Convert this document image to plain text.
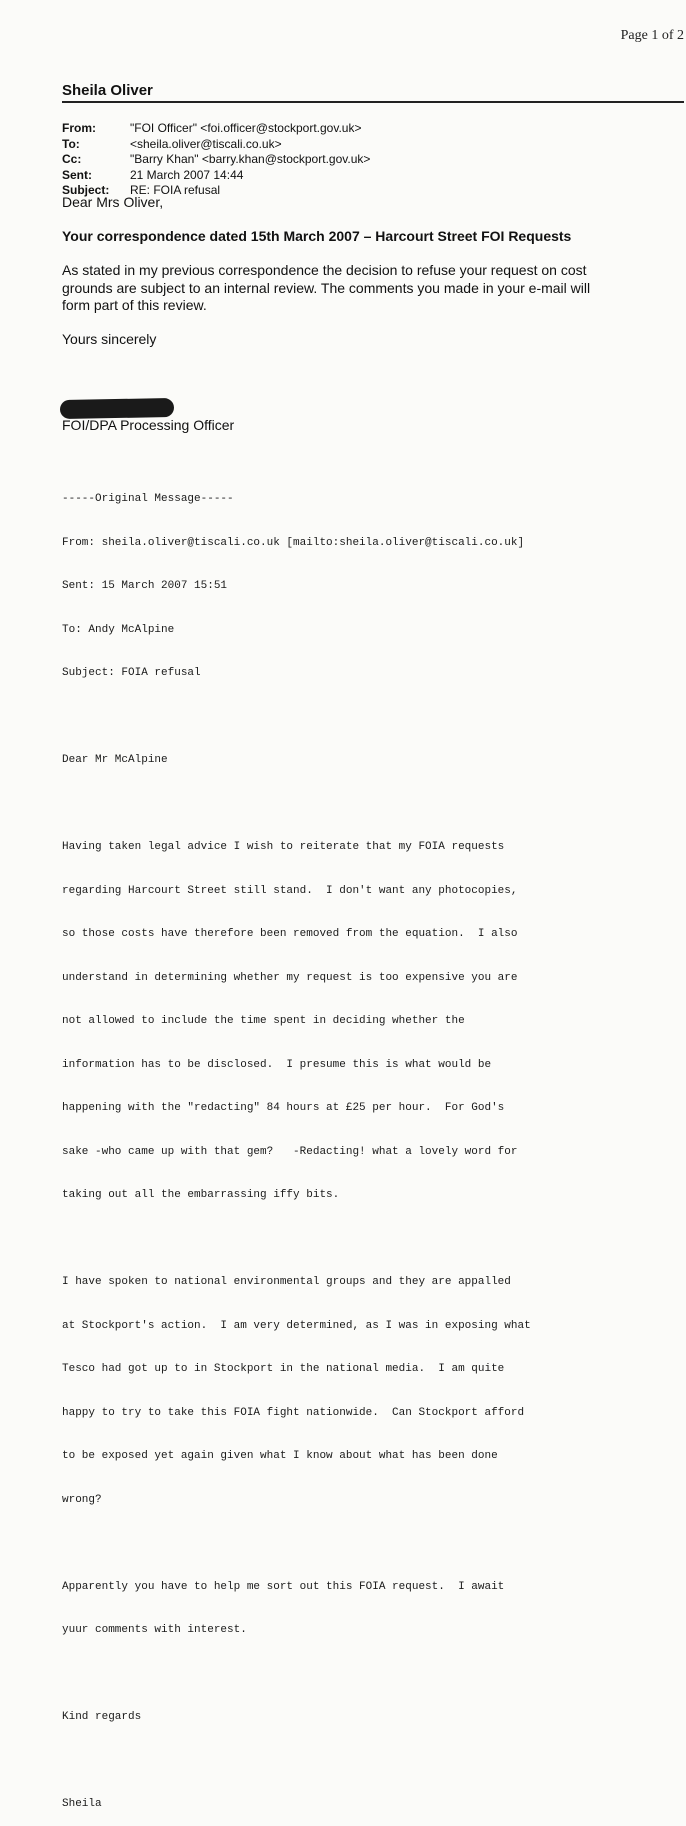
Page 1 of 2
Sheila Oliver
From:	"FOI Officer" <foi.officer@stockport.gov.uk>
To:	<sheila.oliver@tiscali.co.uk>
Cc:	"Barry Khan" <barry.khan@stockport.gov.uk>
Sent:	21 March 2007 14:44
Subject:	RE: FOIA refusal
Dear Mrs Oliver,
Your correspondence dated 15th March 2007 – Harcourt Street FOI Requests
As stated in my previous correspondence the decision to refuse your request on cost
grounds are subject to an internal review. The comments you made in your e-mail will
form part of this review.
Yours sincerely
FOI/DPA Processing Officer

-----Original Message-----

From: sheila.oliver@tiscali.co.uk [mailto:sheila.oliver@tiscali.co.uk]

Sent: 15 March 2007 15:51

To: Andy McAlpine

Subject: FOIA refusal

Dear Mr McAlpine

Having taken legal advice I wish to reiterate that my FOIA requests

regarding Harcourt Street still stand.  I don't want any photocopies,

so those costs have therefore been removed from the equation.  I also

understand in determining whether my request is too expensive you are

not allowed to include the time spent in deciding whether the

information has to be disclosed.  I presume this is what would be

happening with the "redacting" 84 hours at £25 per hour.  For God's

sake -who came up with that gem?   -Redacting! what a lovely word for

taking out all the embarrassing iffy bits.

I have spoken to national environmental groups and they are appalled

at Stockport's action.  I am very determined, as I was in exposing what

Tesco had got up to in Stockport in the national media.  I am quite

happy to try to take this FOIA fight nationwide.  Can Stockport afford

to be exposed yet again given what I know about what has been done

wrong?

Apparently you have to help me sort out this FOIA request.  I await

yuur comments with interest.

Kind regards

Sheila
